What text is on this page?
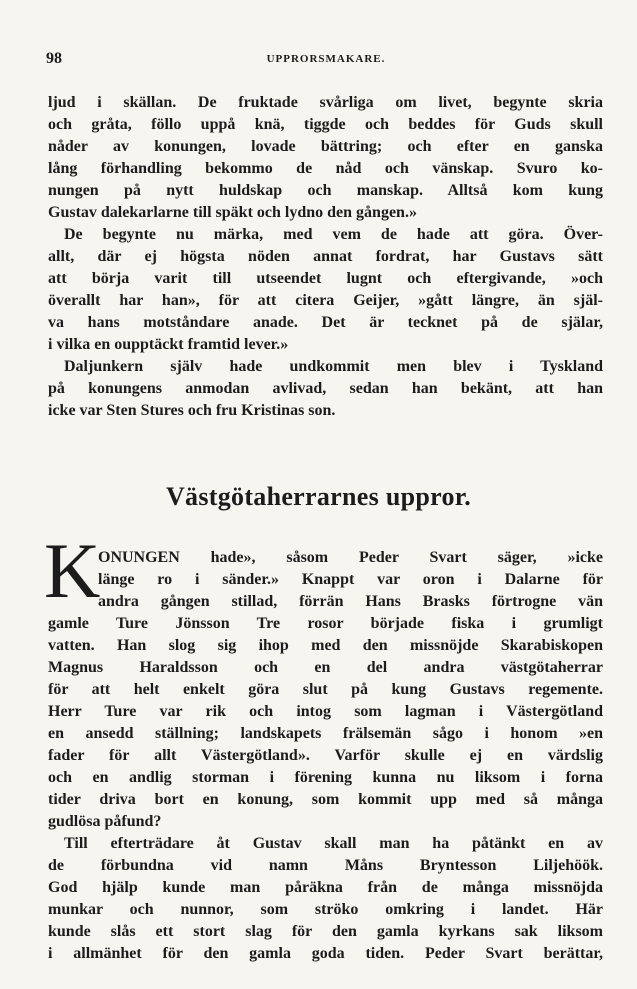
98	UPPRORSMAKARE.
ljud i skällan. De fruktade svårliga om livet, begynte skria
och gråta, föllo uppå knä, tiggde och beddes för Guds skull
nåder av konungen, lovade bättring; och efter en ganska
lång förhandling bekommo de nåd och vänskap. Svuro ko-
nungen på nytt huldskap och manskap. Alltså kom kung
Gustav dalekarlarne till späkt och lydno den gången.»
De begynte nu märka, med vem de hade att göra. Över-
allt, där ej högsta nöden annat fordrat, har Gustavs sätt
att börja varit till utseendet lugnt och eftergivande, »och
överallt har han», för att citera Geijer, »gått längre, än själ-
va hans motståndare anade. Det är tecknet på de själar,
i vilka en oupptäckt framtid lever.»
Daljunkern själv hade undkommit men blev i Tyskland
på konungens anmodan avlivad, sedan han bekänt, att han
icke var Sten Stures och fru Kristinas son.
Västgötaherrarnes uppror.
K
ONUNGEN hade», såsom Peder Svart säger, »icke
länge ro i sänder.» Knappt var oron i Dalarne för
andra gången stillad, förrän Hans Brasks förtrogne vän
gamle Ture Jönsson Tre rosor började fiska i grumligt
vatten. Han slog sig ihop med den missnöjde Skarabiskopen
Magnus Haraldsson och en del andra västgötaherrar
för att helt enkelt göra slut på kung Gustavs regemente.
Herr Ture var rik och intog som lagman i Västergötland
en ansedd ställning; landskapets frälsemän sågo i honom »en
fader för allt Västergötland». Varför skulle ej en värdslig
och en andlig storman i förening kunna nu liksom i forna
tider driva bort en konung, som kommit upp med så många
gudlösa påfund?
Till efterträdare åt Gustav skall man ha påtänkt en av
de förbundna vid namn Måns Bryntesson Liljehöök.
God hjälp kunde man påräkna från de många missnöjda
munkar och nunnor, som ströko omkring i landet. Här
kunde slås ett stort slag för den gamla kyrkans sak liksom
i allmänhet för den gamla goda tiden. Peder Svart berättar,
